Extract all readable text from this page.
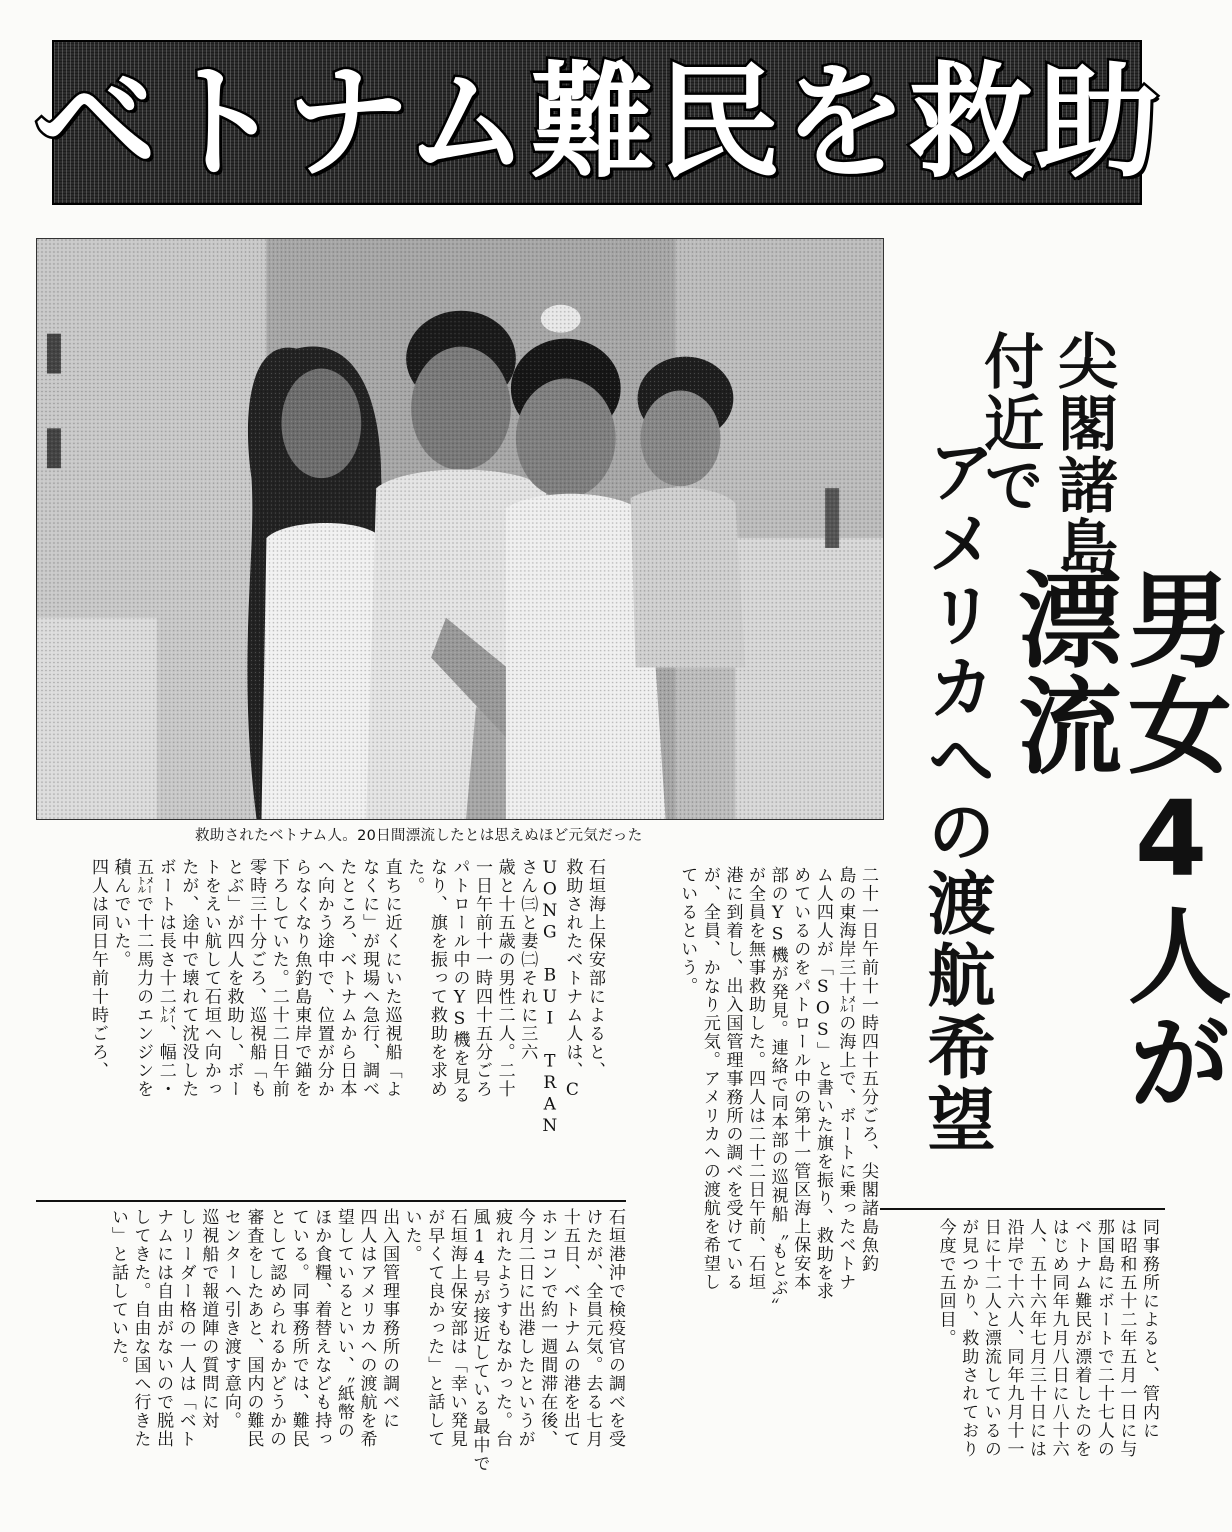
ベトナム難民を救助
救助されたベトナム人。20日間漂流したとは思えぬほど元気だった
尖閣諸島
付近で
男女4人が漂流
アメリカへの渡航希望
二十一日午前十一時四十五分ごろ、尖閣諸島魚釣
島の東海岸三十㍍の海上で、ボートに乗ったベトナ
ム人四人が「SOS」と書いた旗を振り、救助を求
めているのをパトロール中の第十一管区海上保安本
部のYS機が発見。連絡で同本部の巡視船〝もとぶ〟
が全員を無事救助した。四人は二十二日午前、石垣
港に到着し、出入国管理事務所の調べを受けている
が、全員、かなり元気。アメリカへの渡航を希望し
ているという。
石垣海上保安部によると、
救助されたベトナム人は、C
UONG BUI TRAN
さん㈢と妻㈡それに三六
歳と十五歳の男性二人。二十
一日午前十一時四十五分ごろ
パトロール中のYS機を見る
なり、旗を振って救助を求め
た。
直ちに近くにいた巡視船「よ
なくに」が現場へ急行、調べ
たところ、ベトナムから日本
へ向かう途中で、位置が分か
らなくなり魚釣島東岸で錨を
下ろしていた。二十二日午前
零時三十分ごろ、巡視船「も
とぶ」が四人を救助し、ボー
トをえい航して石垣へ向かっ
たが、途中で壊れて沈没した
ボートは長さ十二㍍、幅二・
五㍍で十二馬力のエンジンを
積んでいた。
四人は同日午前十時ごろ、
石垣港沖で検疫官の調べを受
けたが、全員元気。去る七月
十五日、ベトナムの港を出て
ホンコンで約一週間滞在後、
今月二日に出港したというが
疲れたようすもなかった。台
風14号が接近している最中で
石垣海上保安部は「幸い発見
が早くて良かった」と話して
いた。
出入国管理事務所の調べに
四人はアメリカへの渡航を希
望しているといい、〝紙幣の
ほか食糧、着替えなども持っ
ている。同事務所では、難民
として認められるかどうかの
審査をしたあと、国内の難民
センターへ引き渡す意向。
巡視船で報道陣の質問に対
しリーダー格の一人は「ベト
ナムには自由がないので脱出
してきた。自由な国へ行きた
い」と話していた。	同事務所によると、管内に
は昭和五十二年五月一日に与
那国島にボートで二十七人の
ベトナム難民が漂着したのを
はじめ同年九月八日に八十六
人、五十六年七月三十日には
沿岸で十六人、同年九月十一
日に十二人と漂流しているの
が見つかり、救助されており
今度で五回目。
